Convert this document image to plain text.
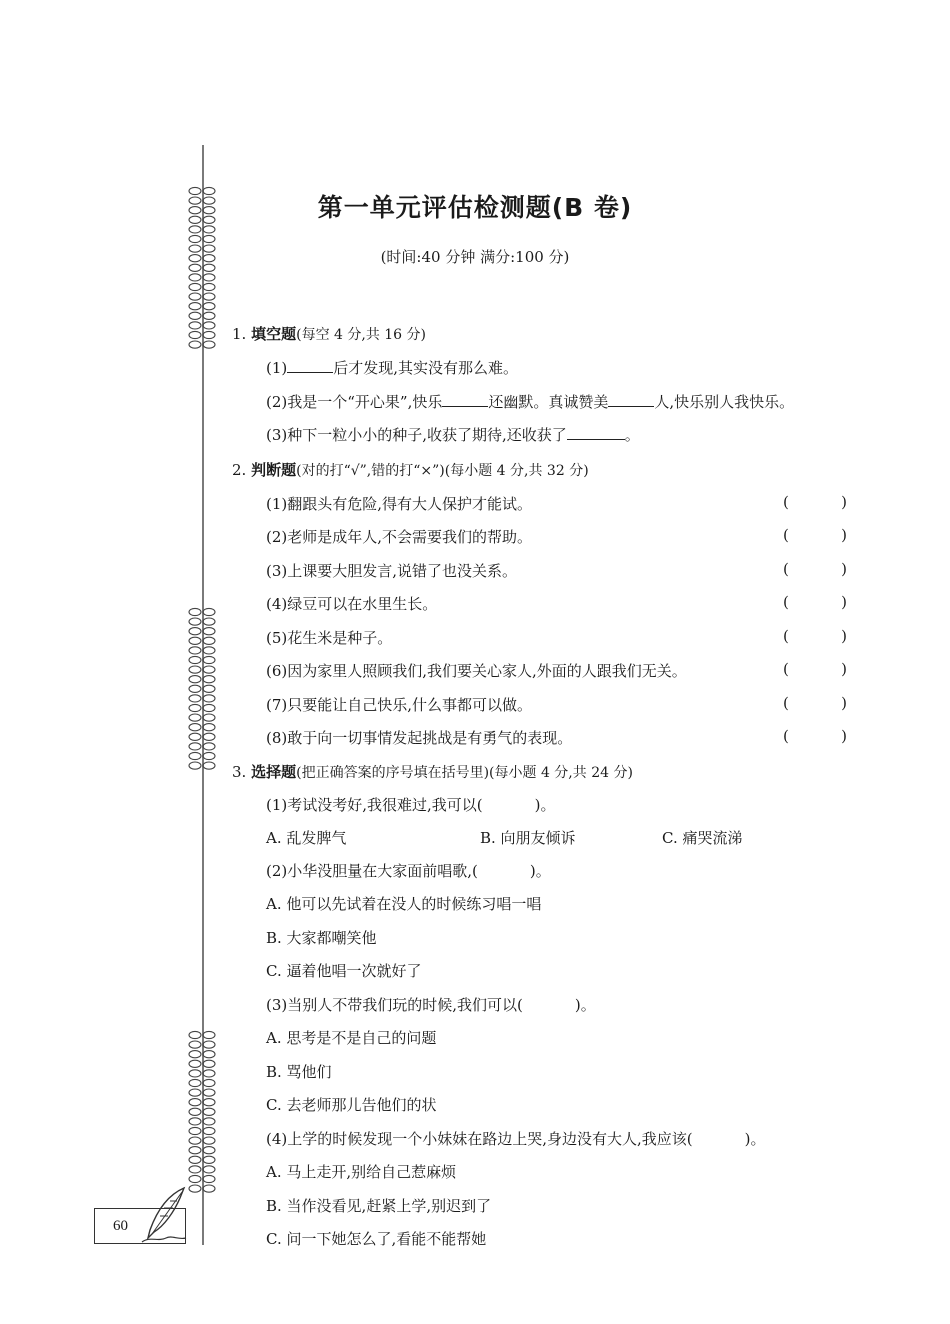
第一单元评估检测题(B 卷)
(时间:40 分钟 满分:100 分)
1. 填空题(每空 4 分,共 16 分)
(1)	后才发现,其实没有那么难。
(2)我是一个“开心果”,快乐	还幽默。真诚赞美	人,快乐别人我快乐。
(3)种下一粒小小的种子,收获了期待,还收获了	。
2. 判断题(对的打“√”,错的打“×”)(每小题 4 分,共 32 分)
(1)翻跟头有危险,得有大人保护才能试。	(	)
(2)老师是成年人,不会需要我们的帮助。	(	)
(3)上课要大胆发言,说错了也没关系。	(	)
(4)绿豆可以在水里生长。	(	)
(5)花生米是种子。	(	)
(6)因为家里人照顾我们,我们要关心家人,外面的人跟我们无关。	(	)
(7)只要能让自己快乐,什么事都可以做。	(	)
(8)敢于向一切事情发起挑战是有勇气的表现。	(	)
3. 选择题(把正确答案的序号填在括号里)(每小题 4 分,共 24 分)
(1)考试没考好,我很难过,我可以(	)。
A. 乱发脾气	B. 向朋友倾诉	C. 痛哭流涕
(2)小华没胆量在大家面前唱歌,(	)。
A. 他可以先试着在没人的时候练习唱一唱
B. 大家都嘲笑他
C. 逼着他唱一次就好了
(3)当别人不带我们玩的时候,我们可以(	)。
A. 思考是不是自己的问题
B. 骂他们
C. 去老师那儿告他们的状
(4)上学的时候发现一个小妹妹在路边上哭,身边没有大人,我应该(	)。
A. 马上走开,别给自己惹麻烦
B. 当作没看见,赶紧上学,别迟到了
C. 问一下她怎么了,看能不能帮她
60
